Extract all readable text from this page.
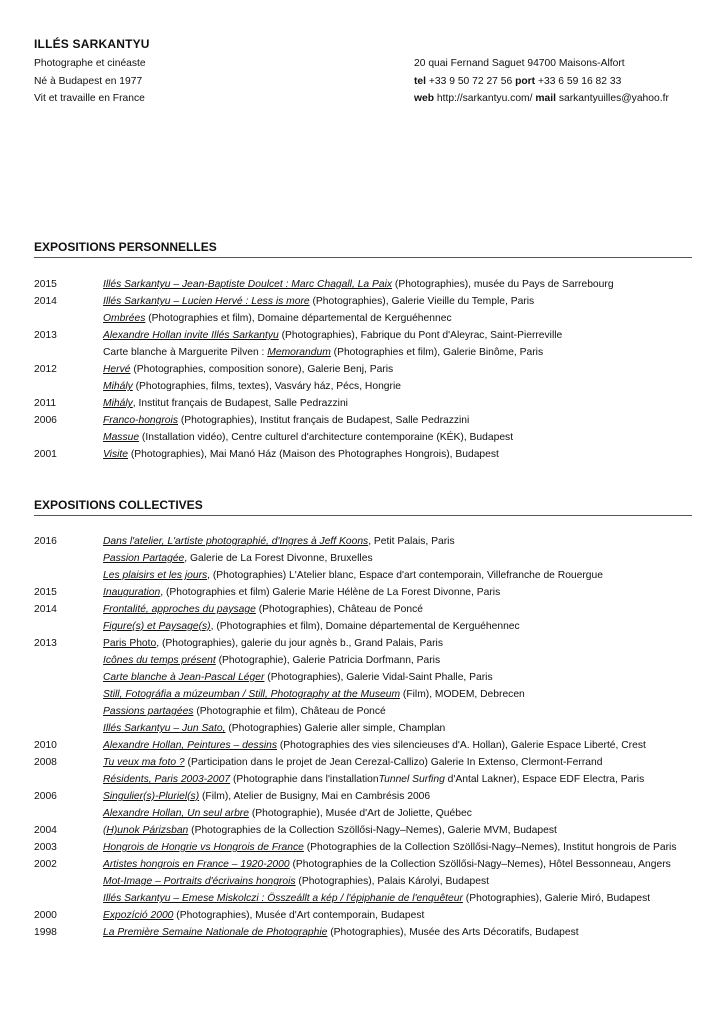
ILLÉS SARKANTYU
Photographe et cinéaste
Né à Budapest en 1977
Vit et travaille en France
20 quai Fernand Saguet 94700 Maisons-Alfort
tel +33 9 50 72 27 56 port +33 6 59 16 82 33
web http://sarkantyu.com/ mail sarkantyuilles@yahoo.fr
EXPOSITIONS PERSONNELLES
2015	Illés Sarkantyu – Jean-Baptiste Doulcet : Marc Chagall, La Paix (Photographies), musée du Pays de Sarrebourg
2014	Illés Sarkantyu – Lucien Hervé : Less is more (Photographies), Galerie Vieille du Temple, Paris
Ombrées (Photographies et film), Domaine départemental de Kerguéhennec
2013	Alexandre Hollan invite Illés Sarkantyu (Photographies), Fabrique du Pont d'Aleyrac, Saint-Pierreville
Carte blanche à Marguerite Pilven : Memorandum (Photographies et film), Galerie Binôme, Paris
2012	Hervé (Photographies, composition sonore), Galerie Benj, Paris
Mihály (Photographies, films, textes), Vasváry ház, Pécs, Hongrie
2011	Mihály, Institut français de Budapest, Salle Pedrazzini
2006	Franco-hongrois (Photographies), Institut français de Budapest, Salle Pedrazzini
Massue (Installation vidéo), Centre culturel d'architecture contemporaine (KÉK), Budapest
2001	Visite (Photographies), Mai Manó Ház (Maison des Photographes Hongrois), Budapest
EXPOSITIONS COLLECTIVES
2016	Dans l'atelier, L'artiste photographié, d'Ingres à Jeff Koons, Petit Palais, Paris
Passion Partagée, Galerie de La Forest Divonne, Bruxelles
Les plaisirs et les jours, (Photographies) L'Atelier blanc, Espace d'art contemporain, Villefranche de Rouergue
2015	Inauguration, (Photographies et film) Galerie Marie Hélène de La Forest Divonne, Paris
2014	Frontalité, approches du paysage (Photographies), Château de Poncé
Figure(s) et Paysage(s), (Photographies et film), Domaine départemental de Kerguéhennec
2013	Paris Photo, (Photographies), galerie du jour agnès b., Grand Palais, Paris
Icônes du temps présent (Photographie), Galerie Patricia Dorfmann, Paris
Carte blanche à Jean-Pascal Léger (Photographies), Galerie Vidal-Saint Phalle, Paris
Still, Fotográfia a múzeumban / Still, Photography at the Museum (Film), MODEM, Debrecen
Passions partagées (Photographie et film), Château de Poncé
Illés Sarkantyu – Jun Sato, (Photographies) Galerie aller simple, Champlan
2010	Alexandre Hollan, Peintures – dessins (Photographies des vies silencieuses d'A. Hollan), Galerie Espace Liberté, Crest
2008	Tu veux ma foto ? (Participation dans le projet de Jean Cerezal-Callizo) Galerie In Extenso, Clermont-Ferrand
Résidents, Paris 2003-2007 (Photographie dans l'installationTunnel Surfing d'Antal Lakner), Espace EDF Electra, Paris
2006	Singulier(s)-Pluriel(s) (Film), Atelier de Busigny, Mai en Cambrésis 2006
Alexandre Hollan, Un seul arbre (Photographie), Musée d'Art de Joliette, Québec
2004	(H)unok Párizsban (Photographies de la Collection Szöllősi-Nagy–Nemes), Galerie MVM, Budapest
2003	Hongrois de Hongrie vs Hongrois de France (Photographies de la Collection Szöllősi-Nagy–Nemes), Institut hongrois de Paris
2002	Artistes hongrois en France – 1920-2000 (Photographies de la Collection Szöllősi-Nagy–Nemes), Hôtel Bessonneau, Angers
Mot-Image – Portraits d'écrivains hongrois (Photographies), Palais Károlyi, Budapest
Illés Sarkantyu – Emese Miskolczi : Összeállt a kép / l'épiphanie de l'enquêteur (Photographies), Galerie Miró, Budapest
2000	Expozíció 2000 (Photographies), Musée d'Art contemporain, Budapest
1998	La Première Semaine Nationale de Photographie (Photographies), Musée des Arts Décoratifs, Budapest
